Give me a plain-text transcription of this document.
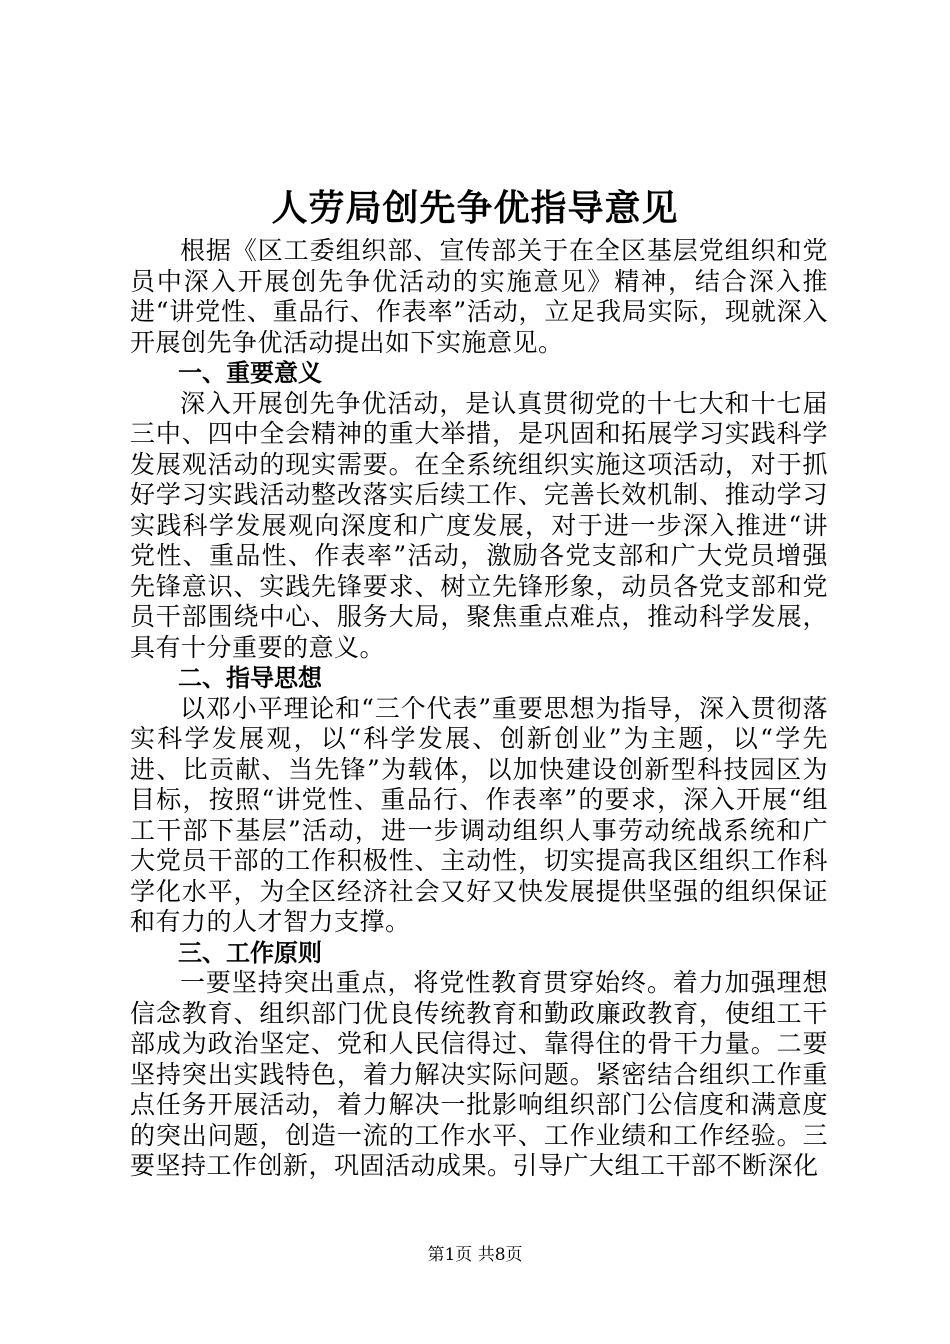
人劳局创先争优指导意见

根据《区工委组织部、宣传部关于在全区基层党组织和党员中深入开展创先争优活动的实施意见》精神，结合深入推进“讲党性、重品行、作表率”活动，立足我局实际，现就深入开展创先争优活动提出如下实施意见。

一、重要意义

深入开展创先争优活动，是认真贯彻党的十七大和十七届三中、四中全会精神的重大举措，是巩固和拓展学习实践科学发展观活动的现实需要。在全系统组织实施这项活动，对于抓好学习实践活动整改落实后续工作、完善长效机制、推动学习实践科学发展观向深度和广度发展，对于进一步深入推进“讲党性、重品性、作表率”活动，激励各党支部和广大党员增强先锋意识、实践先锋要求、树立先锋形象，动员各党支部和党员干部围绕中心、服务大局，聚焦重点难点，推动科学发展，具有十分重要的意义。

二、指导思想

以邓小平理论和“三个代表”重要思想为指导，深入贯彻落实科学发展观，以“科学发展、创新创业”为主题，以“学先进、比贡献、当先锋”为载体，以加快建设创新型科技园区为目标，按照“讲党性、重品行、作表率”的要求，深入开展“组工干部下基层”活动，进一步调动组织人事劳动统战系统和广大党员干部的工作积极性、主动性，切实提高我区组织工作科学化水平，为全区经济社会又好又快发展提供坚强的组织保证和有力的人才智力支撑。

三、工作原则

一要坚持突出重点，将党性教育贯穿始终。着力加强理想信念教育、组织部门优良传统教育和勤政廉政教育，使组工干部成为政治坚定、党和人民信得过、靠得住的骨干力量。二要坚持突出实践特色，着力解决实际问题。紧密结合组织工作重点任务开展活动，着力解决一批影响组织部门公信度和满意度的突出问题，创造一流的工作水平、工作业绩和工作经验。三要坚持工作创新，巩固活动成果。引导广大组工干部不断深化

第1页 共8页
